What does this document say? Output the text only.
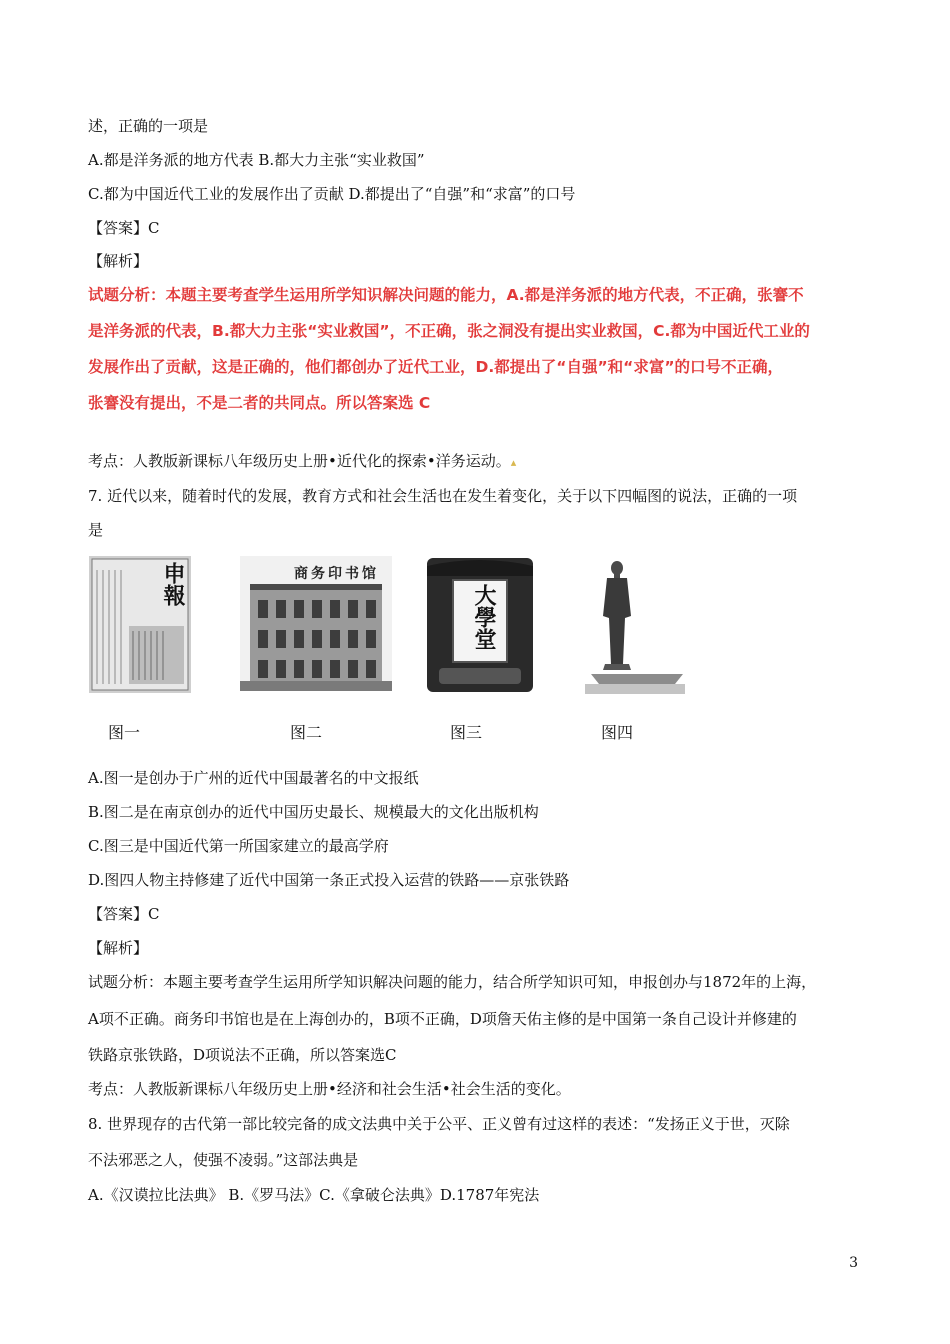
述，正确的一项是
A.都是洋务派的地方代表 B.都大力主张“实业救国”
C.都为中国近代工业的发展作出了贡献 D.都提出了“自强”和“求富”的口号
【答案】C
【解析】
试题分析：本题主要考查学生运用所学知识解决问题的能力，A.都是洋务派的地方代表，不正确，张謇不
是洋务派的代表，B.都大力主张“实业救国”，不正确，张之洞没有提出实业救国，C.都为中国近代工业的
发展作出了贡献，这是正确的，他们都创办了近代工业，D.都提出了“自强”和“求富”的口号不正确，
张謇没有提出，不是二者的共同点。所以答案选 C
考点：人教版新课标八年级历史上册•近代化的探索•洋务运动。▴
7. 近代以来，随着时代的发展，教育方式和社会生活也在发生着变化，关于以下四幅图的说法，正确的一项
是
申報	商务印书馆
大學堂
图一	图二	图三	图四
A.图一是创办于广州的近代中国最著名的中文报纸
B.图二是在南京创办的近代中国历史最长、规模最大的文化出版机构
C.图三是中国近代第一所国家建立的最高学府
D.图四人物主持修建了近代中国第一条正式投入运营的铁路——京张铁路
【答案】C
【解析】
试题分析：本题主要考查学生运用所学知识解决问题的能力，结合所学知识可知，申报创办与1872年的上海，
A项不正确。商务印书馆也是在上海创办的，B项不正确，D项詹天佑主修的是中国第一条自己设计并修建的
铁路京张铁路，D项说法不正确，所以答案选C
考点：人教版新课标八年级历史上册•经济和社会生活•社会生活的变化。
8. 世界现存的古代第一部比较完备的成文法典中关于公平、正义曾有过这样的表述：“发扬正义于世，灭除
不法邪恶之人，使强不凌弱。”这部法典是
A.《汉谟拉比法典》 B.《罗马法》C.《拿破仑法典》D.1787年宪法
3
